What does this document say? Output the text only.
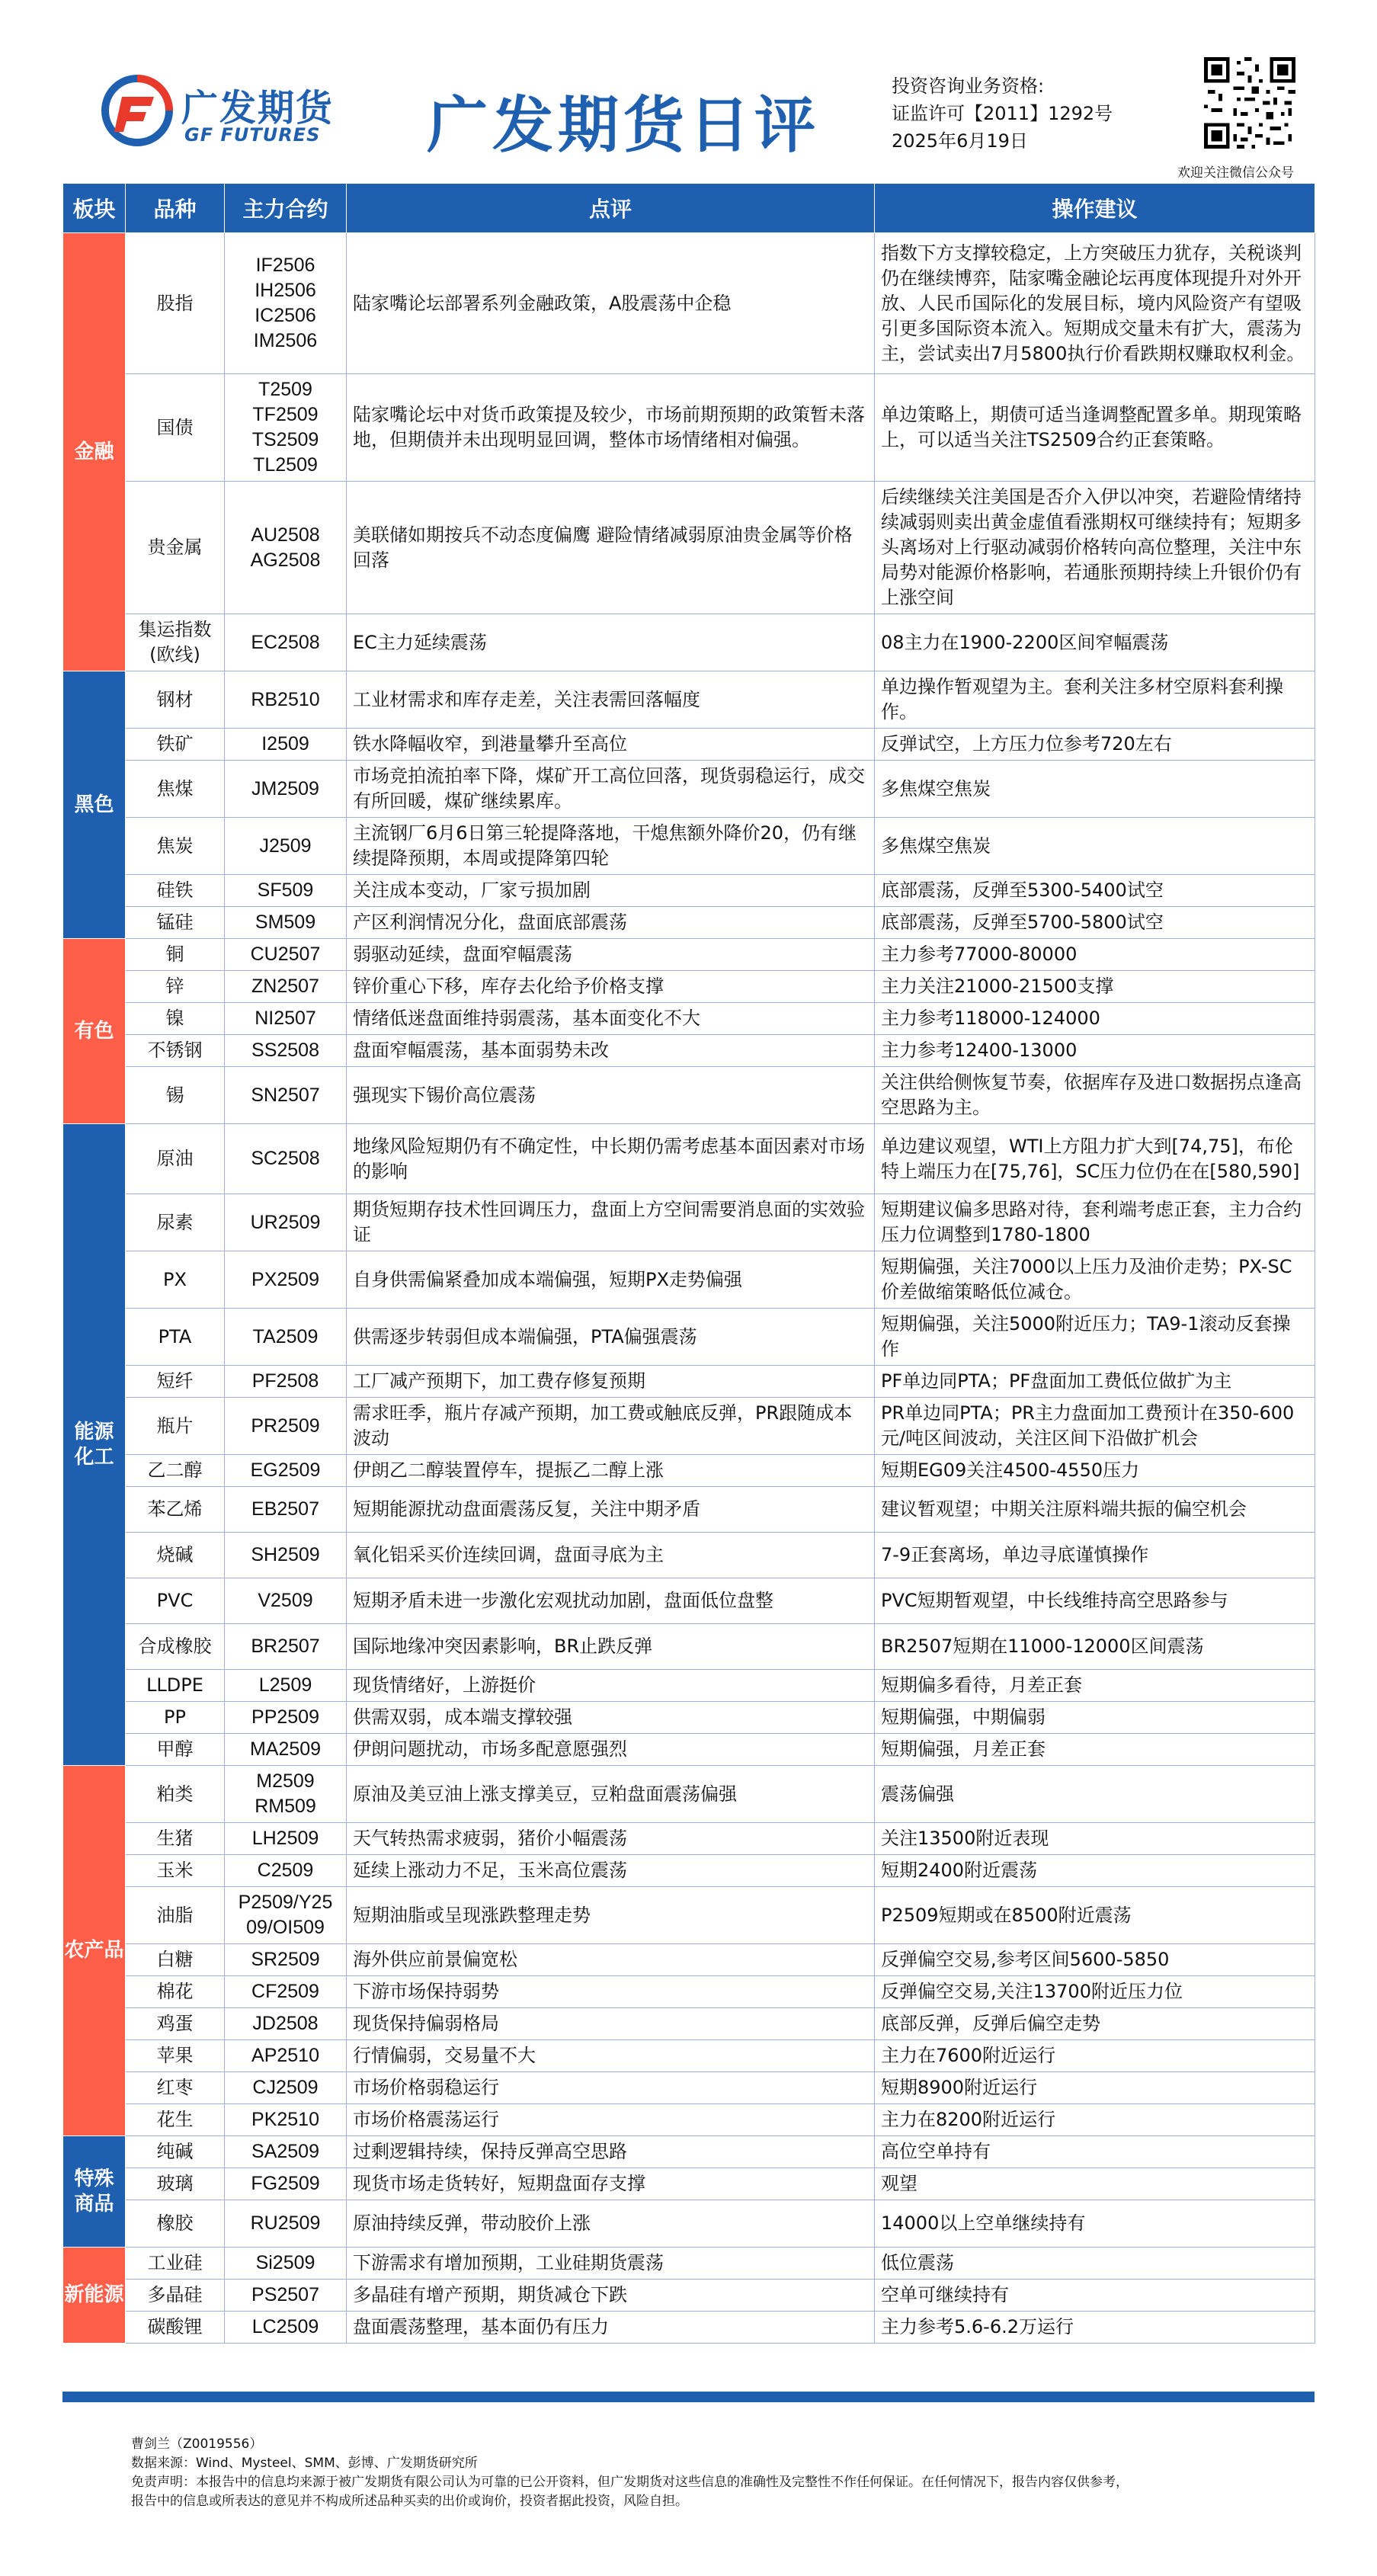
广发期货
GF FUTURES 广发期货日评
投资咨询业务资格:
证监许可【2011】1292号
2025年6月19日
欢迎关注微信公众号
板块	品种	主力合约	点评	操作建议
金融	股指	IF2506
IH2506
IC2506
IM2506	陆家嘴论坛部署系列金融政策，A股震荡中企稳	指数下方支撑较稳定，上方突破压力犹存，关税谈判仍在继续博弈，陆家嘴金融论坛再度体现提升对外开放、人民币国际化的发展目标，境内风险资产有望吸引更多国际资本流入。短期成交量未有扩大，震荡为主，尝试卖出7月5800执行价看跌期权赚取权利金。
	国债	T2509
TF2509
TS2509
TL2509	陆家嘴论坛中对货币政策提及较少，市场前期预期的政策暂未落地，但期债并未出现明显回调，整体市场情绪相对偏强。	单边策略上，期债可适当逢调整配置多单。期现策略上，可以适当关注TS2509合约正套策略。
	贵金属	AU2508
AG2508	美联储如期按兵不动态度偏鹰 避险情绪减弱原油贵金属等价格回落	后续继续关注美国是否介入伊以冲突，若避险情绪持续减弱则卖出黄金虚值看涨期权可继续持有；短期多头离场对上行驱动减弱价格转向高位整理，关注中东局势对能源价格影响，若通胀预期持续上升银价仍有上涨空间
	集运指数
(欧线)	EC2508	EC主力延续震荡	08主力在1900-2200区间窄幅震荡
黑色	钢材	RB2510	工业材需求和库存走差，关注表需回落幅度	单边操作暂观望为主。套利关注多材空原料套利操作。
	铁矿	I2509	铁水降幅收窄，到港量攀升至高位	反弹试空，上方压力位参考720左右
	焦煤	JM2509	市场竞拍流拍率下降，煤矿开工高位回落，现货弱稳运行，成交有所回暖，煤矿继续累库。	多焦煤空焦炭
	焦炭	J2509	主流钢厂6月6日第三轮提降落地，干熄焦额外降价20，仍有继续提降预期，本周或提降第四轮	多焦煤空焦炭
	硅铁	SF509	关注成本变动，厂家亏损加剧	底部震荡，反弹至5300-5400试空
	锰硅	SM509	产区利润情况分化，盘面底部震荡	底部震荡，反弹至5700-5800试空
有色	铜	CU2507	弱驱动延续，盘面窄幅震荡	主力参考77000-80000
	锌	ZN2507	锌价重心下移，库存去化给予价格支撑	主力关注21000-21500支撑
	镍	NI2507	情绪低迷盘面维持弱震荡，基本面变化不大	主力参考118000-124000
	不锈钢	SS2508	盘面窄幅震荡，基本面弱势未改	主力参考12400-13000
	锡	SN2507	强现实下锡价高位震荡	关注供给侧恢复节奏，依据库存及进口数据拐点逢高空思路为主。
能源
化工	原油	SC2508	地缘风险短期仍有不确定性，中长期仍需考虑基本面因素对市场的影响	单边建议观望，WTI上方阻力扩大到[74,75]，布伦特上端压力在[75,76]，SC压力位仍在在[580,590]
	尿素	UR2509	期货短期存技术性回调压力，盘面上方空间需要消息面的实效验证	短期建议偏多思路对待，套利端考虑正套，主力合约压力位调整到1780-1800
	PX	PX2509	自身供需偏紧叠加成本端偏强，短期PX走势偏强	短期偏强，关注7000以上压力及油价走势；PX-SC价差做缩策略低位减仓。
	PTA	TA2509	供需逐步转弱但成本端偏强，PTA偏强震荡	短期偏强，关注5000附近压力；TA9-1滚动反套操作
	短纤	PF2508	工厂减产预期下，加工费存修复预期	PF单边同PTA；PF盘面加工费低位做扩为主
	瓶片	PR2509	需求旺季，瓶片存减产预期，加工费或触底反弹，PR跟随成本波动	PR单边同PTA；PR主力盘面加工费预计在350-600元/吨区间波动，关注区间下沿做扩机会
	乙二醇	EG2509	伊朗乙二醇装置停车，提振乙二醇上涨	短期EG09关注4500-4550压力
	苯乙烯	EB2507	短期能源扰动盘面震荡反复，关注中期矛盾	建议暂观望；中期关注原料端共振的偏空机会
	烧碱	SH2509	氧化铝采买价连续回调，盘面寻底为主	7-9正套离场，单边寻底谨慎操作
	PVC	V2509	短期矛盾未进一步激化宏观扰动加剧，盘面低位盘整	PVC短期暂观望，中长线维持高空思路参与
	合成橡胶	BR2507	国际地缘冲突因素影响，BR止跌反弹	BR2507短期在11000-12000区间震荡
	LLDPE	L2509	现货情绪好，上游挺价	短期偏多看待，月差正套
	PP	PP2509	供需双弱，成本端支撑较强	短期偏强，中期偏弱
	甲醇	MA2509	伊朗问题扰动，市场多配意愿强烈	短期偏强，月差正套
农产品	粕类	M2509
RM509	原油及美豆油上涨支撑美豆，豆粕盘面震荡偏强	震荡偏强
	生猪	LH2509	天气转热需求疲弱，猪价小幅震荡	关注13500附近表现
	玉米	C2509	延续上涨动力不足，玉米高位震荡	短期2400附近震荡
	油脂	P2509/Y25
09/OI509	短期油脂或呈现涨跌整理走势	P2509短期或在8500附近震荡
	白糖	SR2509	海外供应前景偏宽松	反弹偏空交易,参考区间5600-5850
	棉花	CF2509	下游市场保持弱势	反弹偏空交易,关注13700附近压力位
	鸡蛋	JD2508	现货保持偏弱格局	底部反弹，反弹后偏空走势
	苹果	AP2510	行情偏弱，交易量不大	主力在7600附近运行
	红枣	CJ2509	市场价格弱稳运行	短期8900附近运行
	花生	PK2510	市场价格震荡运行	主力在8200附近运行
特殊
商品	纯碱	SA2509	过剩逻辑持续，保持反弹高空思路	高位空单持有
	玻璃	FG2509	现货市场走货转好，短期盘面存支撑	观望
	橡胶	RU2509	原油持续反弹，带动胶价上涨	14000以上空单继续持有
新能源	工业硅	Si2509	下游需求有增加预期，工业硅期货震荡	低位震荡
	多晶硅	PS2507	多晶硅有增产预期，期货减仓下跌	空单可继续持有
	碳酸锂	LC2509	盘面震荡整理，基本面仍有压力	主力参考5.6-6.2万运行
曹剑兰（Z0019556）
数据来源：Wind、Mysteel、SMM、彭博、广发期货研究所
免责声明：本报告中的信息均来源于被广发期货有限公司认为可靠的已公开资料，但广发期货对这些信息的准确性及完整性不作任何保证。在任何情况下，报告内容仅供参考，
报告中的信息或所表达的意见并不构成所述品种买卖的出价或询价，投资者据此投资，风险自担。
